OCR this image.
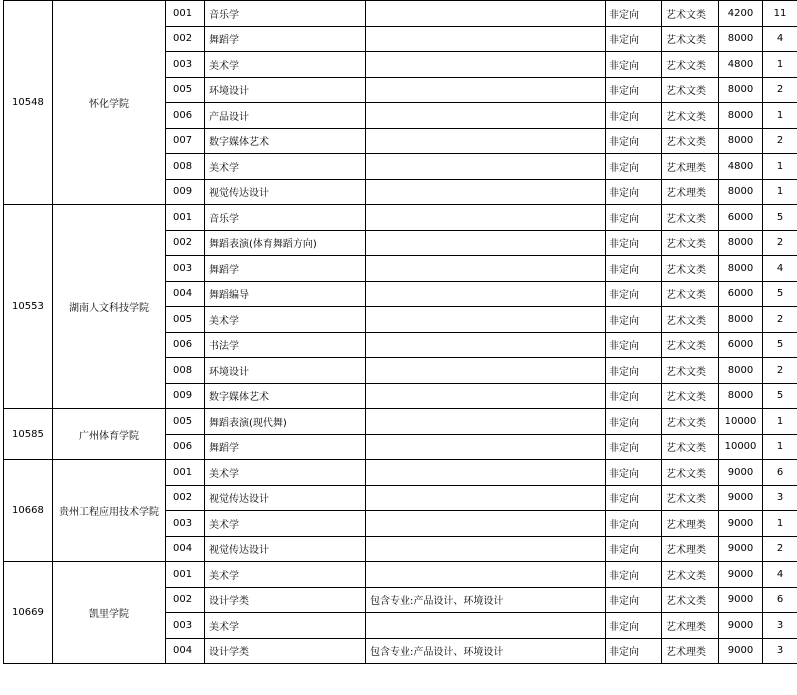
10548	怀化学院	001	音乐学		非定向	艺术文类	4200	11
		002	舞蹈学		非定向	艺术文类	8000	4
		003	美术学		非定向	艺术文类	4800	1
		005	环境设计		非定向	艺术文类	8000	2
		006	产品设计		非定向	艺术文类	8000	1
		007	数字媒体艺术		非定向	艺术文类	8000	2
		008	美术学		非定向	艺术理类	4800	1
		009	视觉传达设计		非定向	艺术理类	8000	1
10553	湖南人文科技学院	001	音乐学		非定向	艺术文类	6000	5
		002	舞蹈表演(体育舞蹈方向)		非定向	艺术文类	8000	2
		003	舞蹈学		非定向	艺术文类	8000	4
		004	舞蹈编导		非定向	艺术文类	6000	5
		005	美术学		非定向	艺术文类	8000	2
		006	书法学		非定向	艺术文类	6000	5
		008	环境设计		非定向	艺术文类	8000	2
		009	数字媒体艺术		非定向	艺术文类	8000	5
10585	广州体育学院	005	舞蹈表演(现代舞)		非定向	艺术文类	10000	1
		006	舞蹈学		非定向	艺术文类	10000	1
10668	贵州工程应用技术学院	001	美术学		非定向	艺术文类	9000	6
		002	视觉传达设计		非定向	艺术文类	9000	3
		003	美术学		非定向	艺术理类	9000	1
		004	视觉传达设计		非定向	艺术理类	9000	2
10669	凯里学院	001	美术学		非定向	艺术文类	9000	4
		002	设计学类	包含专业:产品设计、环境设计	非定向	艺术文类	9000	6
		003	美术学		非定向	艺术理类	9000	3
		004	设计学类	包含专业:产品设计、环境设计	非定向	艺术理类	9000	3
